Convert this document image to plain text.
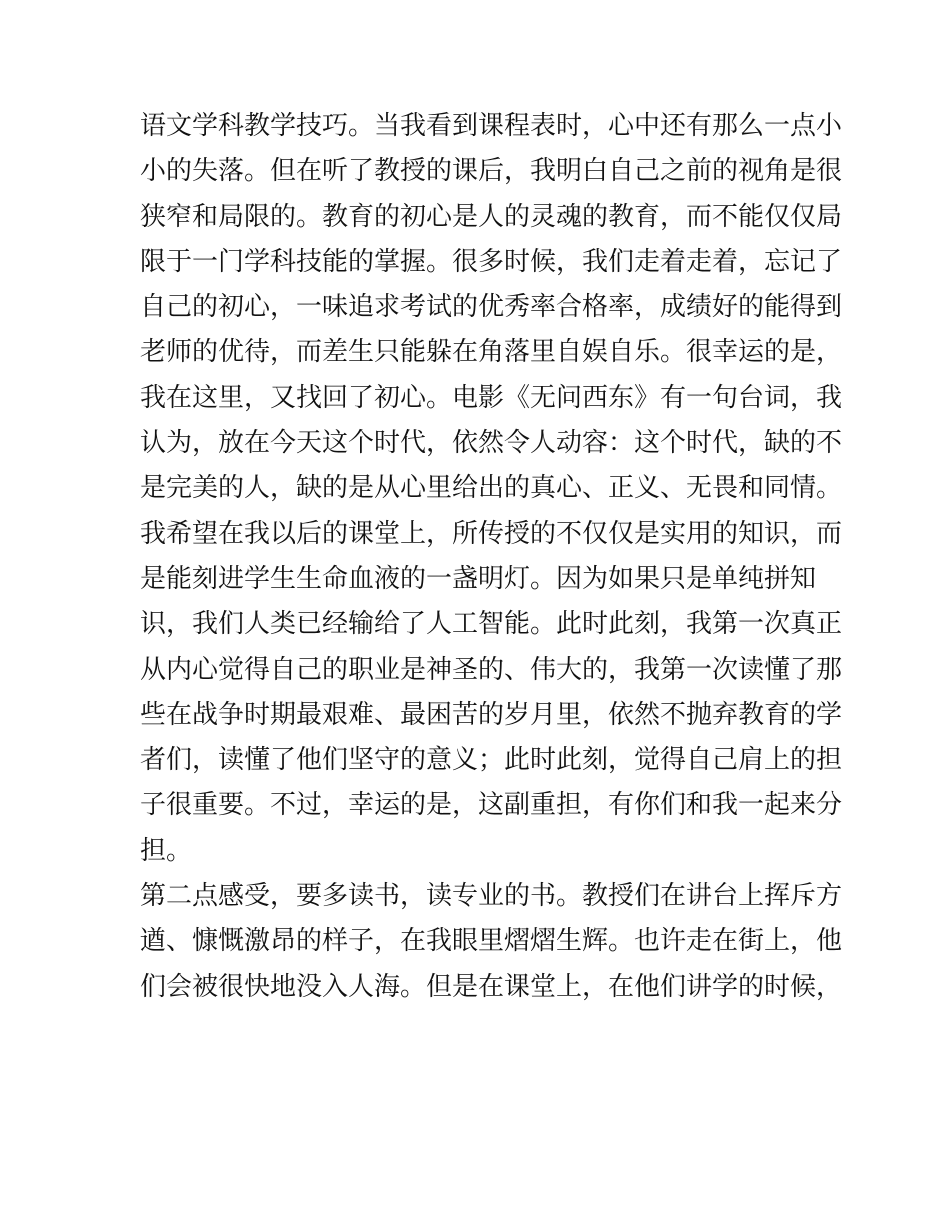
语文学科教学技巧。当我看到课程表时，心中还有那么一点小
小的失落。但在听了教授的课后，我明白自己之前的视角是很
狭窄和局限的。教育的初心是人的灵魂的教育，而不能仅仅局
限于一门学科技能的掌握。很多时候，我们走着走着，忘记了
自己的初心，一味追求考试的优秀率合格率，成绩好的能得到
老师的优待，而差生只能躲在角落里自娱自乐。很幸运的是，
我在这里，又找回了初心。电影《无问西东》有一句台词，我
认为，放在今天这个时代，依然令人动容：这个时代，缺的不
是完美的人，缺的是从心里给出的真心、正义、无畏和同情。
我希望在我以后的课堂上，所传授的不仅仅是实用的知识，而
是能刻进学生生命血液的一盏明灯。因为如果只是单纯拼知
识，我们人类已经输给了人工智能。此时此刻，我第一次真正
从内心觉得自己的职业是神圣的、伟大的，我第一次读懂了那
些在战争时期最艰难、最困苦的岁月里，依然不抛弃教育的学
者们，读懂了他们坚守的意义；此时此刻，觉得自己肩上的担
子很重要。不过，幸运的是，这副重担，有你们和我一起来分
担。
第二点感受，要多读书，读专业的书。教授们在讲台上挥斥方
遒、慷慨激昂的样子，在我眼里熠熠生辉。也许走在街上，他
们会被很快地没入人海。但是在课堂上，在他们讲学的时候，
